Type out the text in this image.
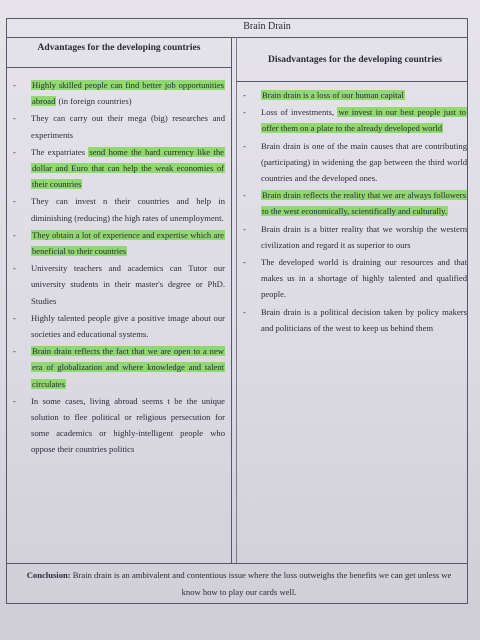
Brain Drain
Advantages for the developing countries
Disadvantages for the developing countries
- Highly skilled people can find better job opportunities abroad (in foreign countries)
- They can carry out their mega (big) researches and experiments
- The expatriates send home the hard currency like the dollar and Euro that can help the weak economies of their countries
- They can invest n their countries and help in diminishing (reducing) the high rates of unemployment.
- They obtain a lot of experience and expertise which are beneficial to their countries
- University teachers and academics can Tutor our university students in their master's degree or PhD. Studies
- Highly talented people give a positive image about our societies and educational systems.
- Brain drain reflects the fact that we are open to a new era of globalization and where knowledge and talent circulates
- In some cases, living abroad seems t be the unique solution to flee political or religious persecution for some academics or highly-intelligent people who oppose their countries politics
- Brain drain is a loss of our human capital
- Loss of investments, we invest in our best people just to offer them on a plate to the already developed world
- Brain drain is one of the main causes that are contributing (participating) in widening the gap between the third world countries and the developed ones.
- Brain drain reflects the reality that we are always followers to the west economically, scientifically and culturally.
- Brain drain is a bitter reality that we worship the western civilization and regard it as superior to ours
- The developed world is draining our resources and that makes us in a shortage of highly talented and qualified people.
- Brain drain is a political decision taken by policy makers and politicians of the west to keep us behind them
Conclusion: Brain drain is an ambivalent and contentious issue where the loss outweighs the benefits we can get unless we know how to play our cards well.
